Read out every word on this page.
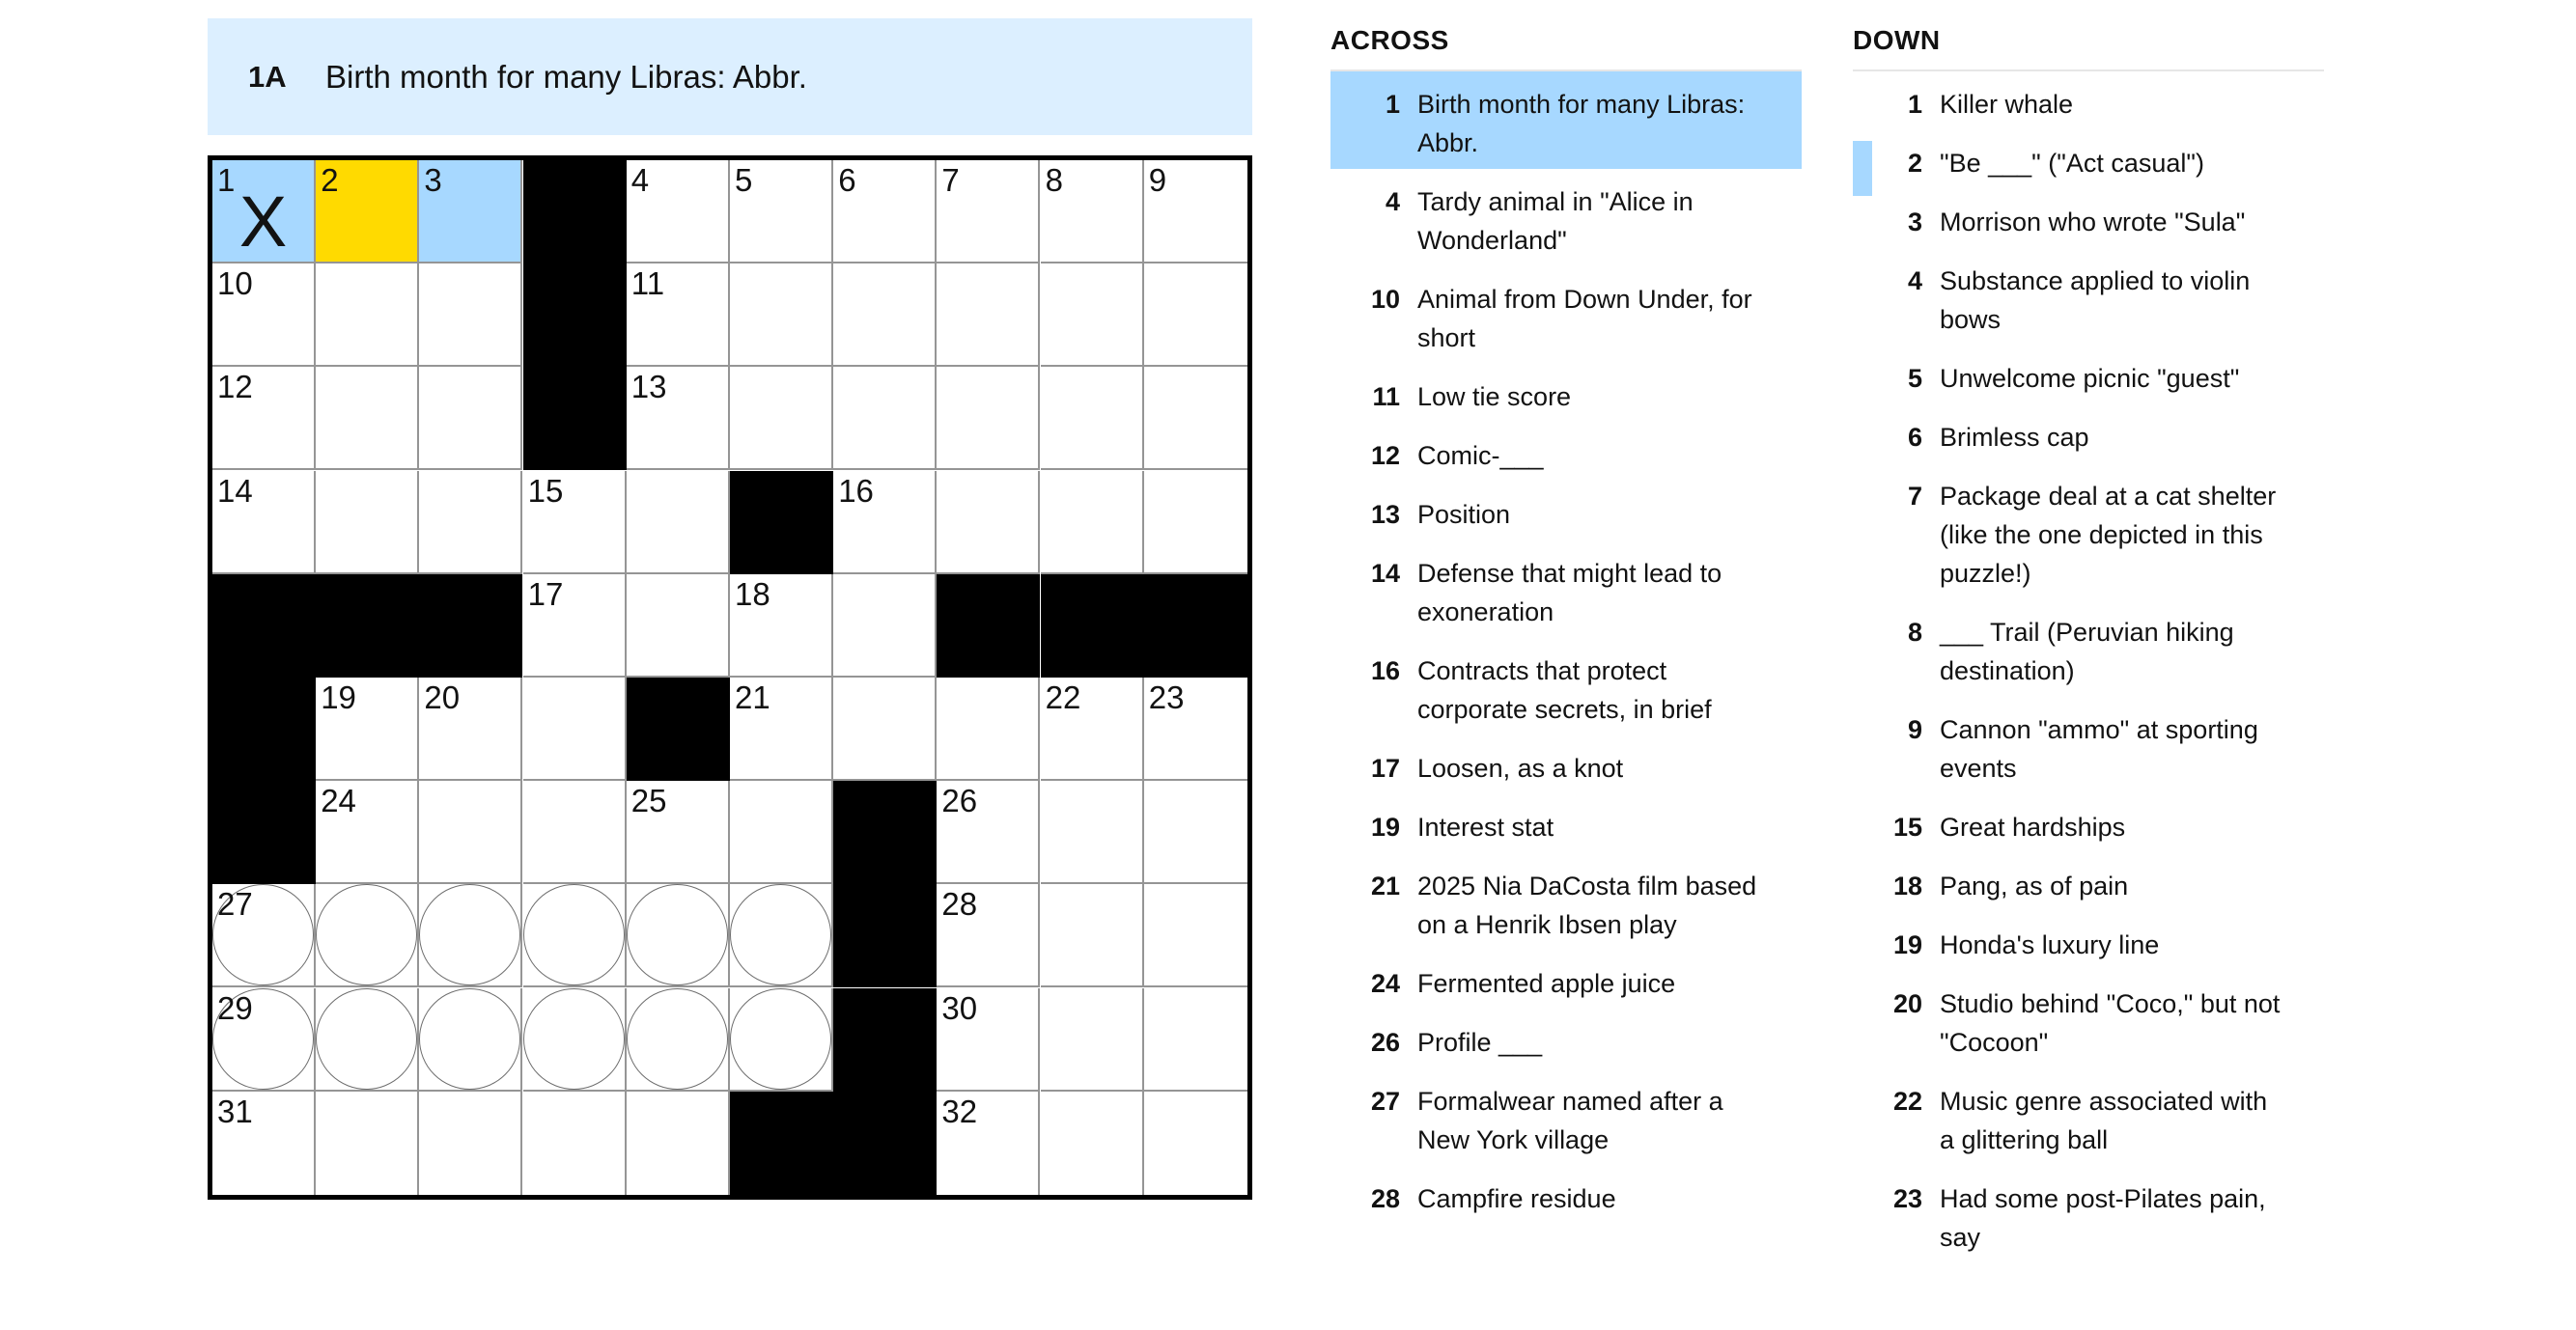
1A	Birth month for many Libras: Abbr.
1
X
2	3	4	5	6	7	8	9
10	11
12	13
14	15	16
17	18
19 20	21	22 23
24	25	26
27	28
29	30
31	32
ACROSS
1 Birth month for many Libras: Abbr.
4 Tardy animal in "Alice in Wonderland"
10 Animal from Down Under, for short
11 Low tie score
12 Comic-___
13 Position
14 Defense that might lead to exoneration
16 Contracts that protect corporate secrets, in brief
17 Loosen, as a knot
19 Interest stat
21 2025 Nia DaCosta film based on a Henrik Ibsen play
24 Fermented apple juice
26 Profile ___
27 Formalwear named after a New York village
28 Campfire residue
DOWN
1 Killer whale
2 "Be ___" ("Act casual")
3 Morrison who wrote "Sula"
4 Substance applied to violin bows
5 Unwelcome picnic "guest"
6 Brimless cap
7 Package deal at a cat shelter (like the one depicted in this puzzle!)
8 ___ Trail (Peruvian hiking destination)
9 Cannon "ammo" at sporting events
15 Great hardships
18 Pang, as of pain
19 Honda's luxury line
20 Studio behind "Coco," but not "Cocoon"
22 Music genre associated with a glittering ball
23 Had some post-Pilates pain, say
